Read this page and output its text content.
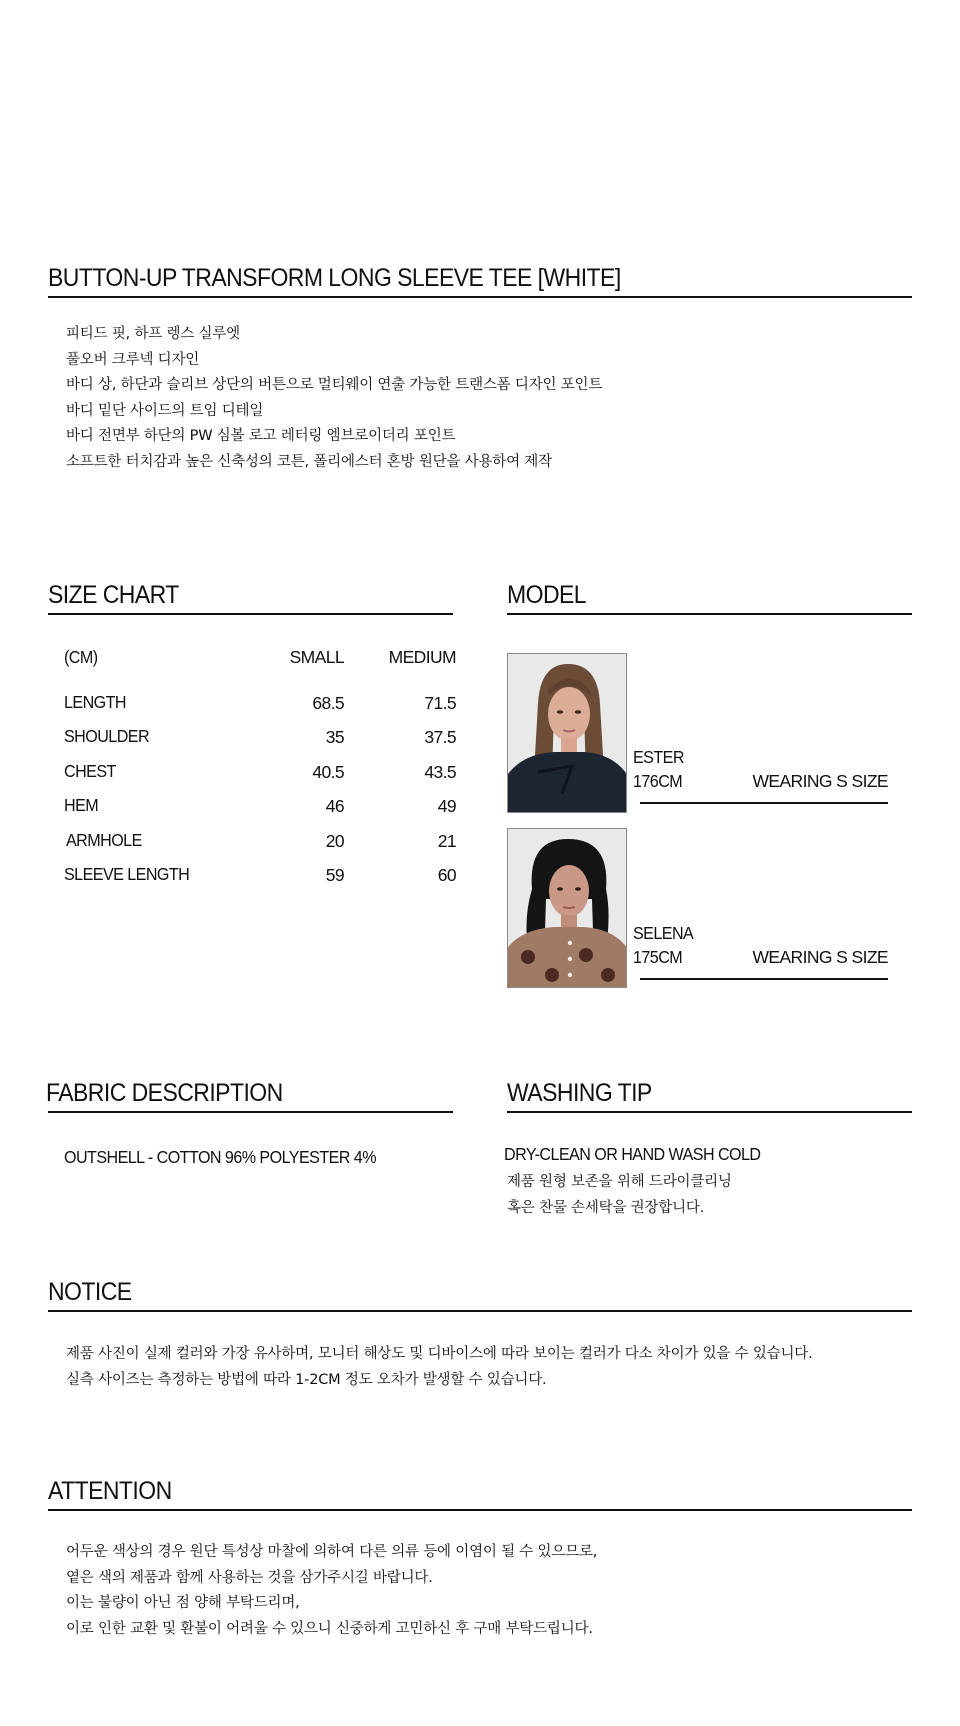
BUTTON-UP TRANSFORM LONG SLEEVE TEE [WHITE]
피티드 핏, 하프 렝스 실루엣
풀오버 크루넥 디자인
바디 상, 하단과 슬리브 상단의 버튼으로 멀티웨이 연출 가능한 트랜스폼 디자인 포인트
바디 밑단 사이드의 트임 디테일
바디 전면부 하단의 PW 심볼 로고 레터링 엠브로이더리 포인트
소프트한 터치감과 높은 신축성의 코튼, 폴리에스터 혼방 원단을 사용하여 제작
SIZE CHART
(CM)	SMALL	MEDIUM
LENGTH	68.5	71.5
SHOULDER	35	37.5
CHEST	40.5	43.5
HEM	46	49
ARMHOLE	20	21
SLEEVE LENGTH	59	60
MODEL
ESTER
176CM	WEARING S SIZE
SELENA
175CM	WEARING S SIZE
FABRIC DESCRIPTION
OUTSHELL - COTTON 96% POLYESTER 4%
WASHING TIP
DRY-CLEAN OR HAND WASH COLD
제품 원형 보존을 위해 드라이클리닝
혹은 찬물 손세탁을 권장합니다.
NOTICE
제품 사진이 실제 컬러와 가장 유사하며, 모니터 해상도 및 디바이스에 따라 보이는 컬러가 다소 차이가 있을 수 있습니다.
실측 사이즈는 측정하는 방법에 따라 1-2CM 정도 오차가 발생할 수 있습니다.
ATTENTION
어두운 색상의 경우 원단 특성상 마찰에 의하여 다른 의류 등에 이염이 될 수 있으므로,
옅은 색의 제품과 함께 사용하는 것을 삼가주시길 바랍니다.
이는 불량이 아닌 점 양해 부탁드리며,
이로 인한 교환 및 환불이 어려울 수 있으니 신중하게 고민하신 후 구매 부탁드립니다.
